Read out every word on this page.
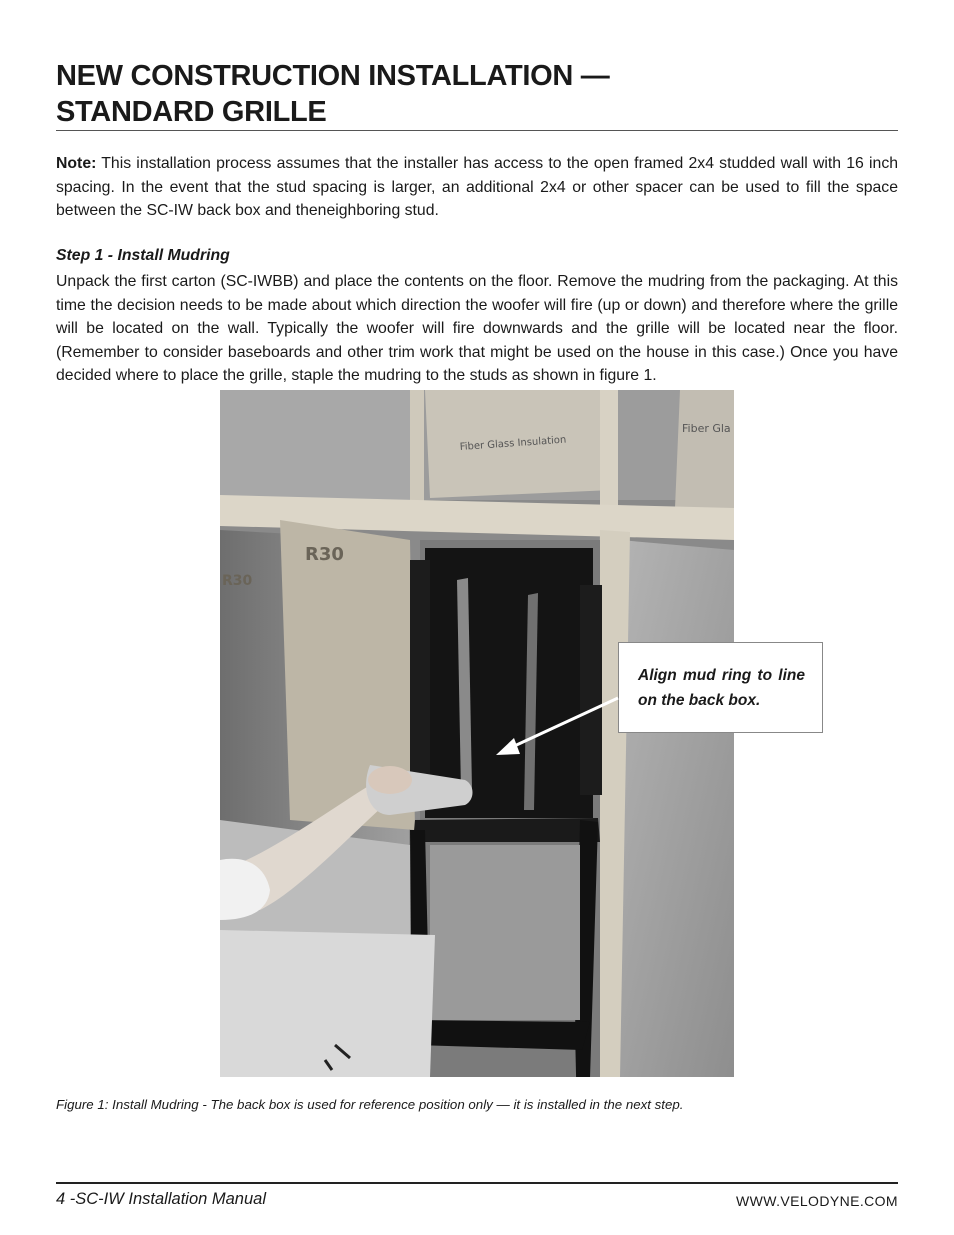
NEW CONSTRUCTION INSTALLATION —
STANDARD GRILLE

Note: This installation process assumes that the installer has access to the open framed 2x4 studded wall with 16 inch spacing. In the event that the stud spacing is larger, an additional 2x4 or other spacer can be used to fill the space between the SC-IW back box and theneighboring stud.

Step 1 - Install Mudring

Unpack the first carton (SC-IWBB) and place the contents on the floor. Remove the mudring from the packaging. At this time the decision needs to be made about which direction the woofer will fire (up or down) and therefore where the grille will be located on the wall. Typically the woofer will fire downwards and the grille will be located near the floor. (Remember to consider baseboards and other trim work that might be used on the house in this case.) Once you have decided where to place the grille, staple the mudring to the studs as shown in figure 1.

Fiber Glass Insulation
Fiber Gla
R30
R30
Align mud ring to line on the back box.

Figure 1: Install Mudring - The back box is used for reference position only — it is installed in the next step.

4 -SC-IW Installation Manual	WWW.VELODYNE.COM
